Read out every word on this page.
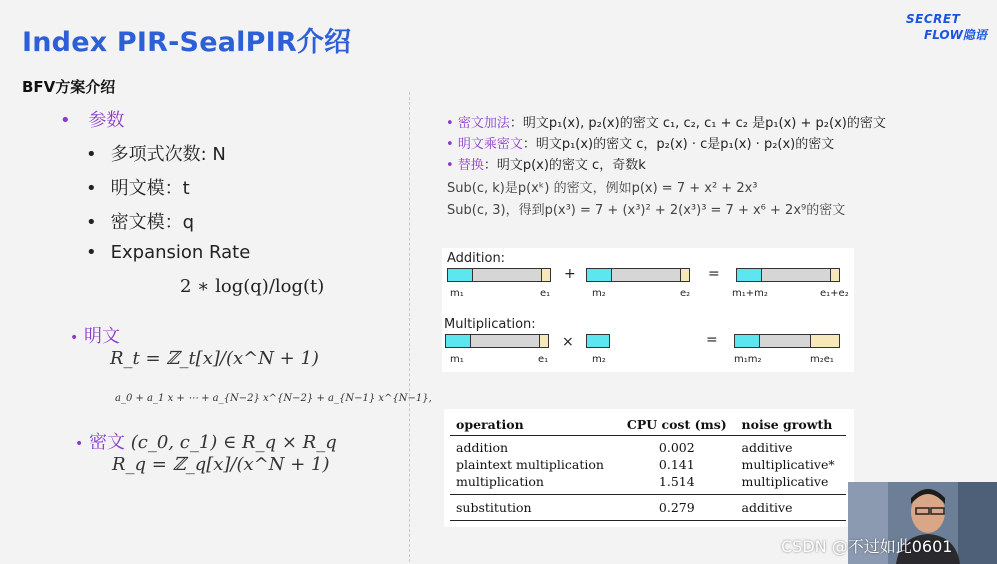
Index PIR-SealPIR介绍
SECRET
FLOW隐语
BFV方案介绍
• 参数
• 多项式次数: N
• 明文模：t
• 密文模：q
• Expansion Rate
2 ∗ log(q)/log(t)
• 明文
R_t = ℤ_t[x]/(x^N + 1)
a_0 + a_1 x + ⋯ + a_{N−2} x^{N−2} + a_{N−1} x^{N−1},
• 密文 (c_0, c_1) ∈ R_q × R_q
R_q = ℤ_q[x]/(x^N + 1)
• 密文加法：明文p₁(x), p₂(x)的密文 c₁, c₂, c₁ + c₂ 是p₁(x) + p₂(x)的密文
• 明文乘密文：明文p₁(x)的密文 c，p₂(x) · c是p₁(x) · p₂(x)的密文
• 替换：明文p(x)的密文 c，奇数k
Sub(c, k)是p(xᵏ) 的密文，例如p(x) = 7 + x² + 2x³
Sub(c, 3)，得到p(x³) = 7 + (x³)² + 2(x³)³ = 7 + x⁶ + 2x⁹的密文
Addition:
+	=
m₁	e₁	m₂	e₂	m₁+m₂	e₁+e₂
Multiplication:
×	=
m₁	e₁	m₂	m₁m₂	m₂e₁
operation	CPU cost (ms)	noise growth
addition	0.002	additive
plaintext multiplication	0.141	multiplicative*
multiplication	1.514	multiplicative
substitution	0.279	additive
CSDN @不过如此0601
